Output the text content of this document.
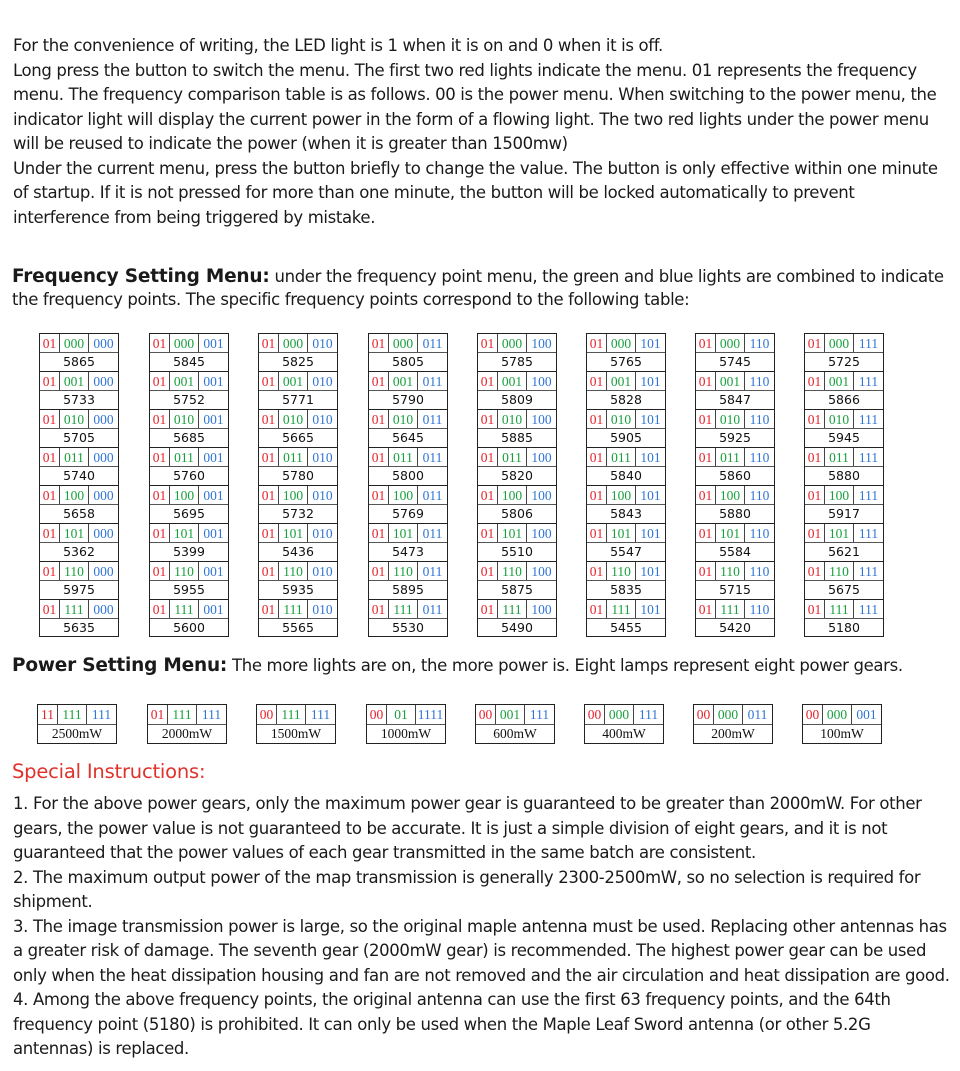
For the convenience of writing, the LED light is 1 when it is on and 0 when it is off.

Long press the button to switch the menu. The first two red lights indicate the menu. 01 represents the frequency menu. The frequency comparison table is as follows. 00 is the power menu. When switching to the power menu, the indicator light will display the current power in the form of a flowing light. The two red lights under the power menu will be reused to indicate the power (when it is greater than 1500mw)

Under the current menu, press the button briefly to change the value. The button is only effective within one minute of startup. If it is not pressed for more than one minute, the button will be locked automatically to prevent interference from being triggered by mistake.

Frequency Setting Menu: under the frequency point menu, the green and blue lights are combined to indicate the frequency points. The specific frequency points correspond to the following table:
01 000 000
5865
01 001 000
5733
01 010 000
5705
01 011 000
5740
01 100 000
5658
01 101 000
5362
01 110 000
5975
01 111 000
5635
01 000 001
5845
01 001 001
5752
01 010 001
5685
01 011 001
5760
01 100 001
5695
01 101 001
5399
01 110 001
5955
01 111 001
5600
01 000 010
5825
01 001 010
5771
01 010 010
5665
01 011 010
5780
01 100 010
5732
01 101 010
5436
01 110 010
5935
01 111 010
5565
01 000 011
5805
01 001 011
5790
01 010 011
5645
01 011 011
5800
01 100 011
5769
01 101 011
5473
01 110 011
5895
01 111 011
5530
01 000 100
5785
01 001 100
5809
01 010 100
5885
01 011 100
5820
01 100 100
5806
01 101 100
5510
01 110 100
5875
01 111 100
5490
01 000 101
5765
01 001 101
5828
01 010 101
5905
01 011 101
5840
01 100 101
5843
01 101 101
5547
01 110 101
5835
01 111 101
5455
01 000 110
5745
01 001 110
5847
01 010 110
5925
01 011 110
5860
01 100 110
5880
01 101 110
5584
01 110 110
5715
01 111 110
5420
01 000 111
5725
01 001 111
5866
01 010 111
5945
01 011 111
5880
01 100 111
5917
01 101 111
5621
01 110 111
5675
01 111 111
5180
Power Setting Menu: The more lights are on, the more power is. Eight lamps represent eight power gears.
11 111 111
2500mW
01 111 111
2000mW
00 111 111
1500mW
00 01 1111
1000mW
00 001 111
600mW
00 000 111
400mW
00 000 011
200mW
00 000 001
100mW
Special Instructions:

1. For the above power gears, only the maximum power gear is guaranteed to be greater than 2000mW. For other gears, the power value is not guaranteed to be accurate. It is just a simple division of eight gears, and it is not guaranteed that the power values of each gear transmitted in the same batch are consistent.

2. The maximum output power of the map transmission is generally 2300-2500mW, so no selection is required for shipment.

3. The image transmission power is large, so the original maple antenna must be used. Replacing other antennas has a greater risk of damage. The seventh gear (2000mW gear) is recommended. The highest power gear can be used only when the heat dissipation housing and fan are not removed and the air circulation and heat dissipation are good.

4. Among the above frequency points, the original antenna can use the first 63 frequency points, and the 64th frequency point (5180) is prohibited. It can only be used when the Maple Leaf Sword antenna (or other 5.2G antennas) is replaced.
